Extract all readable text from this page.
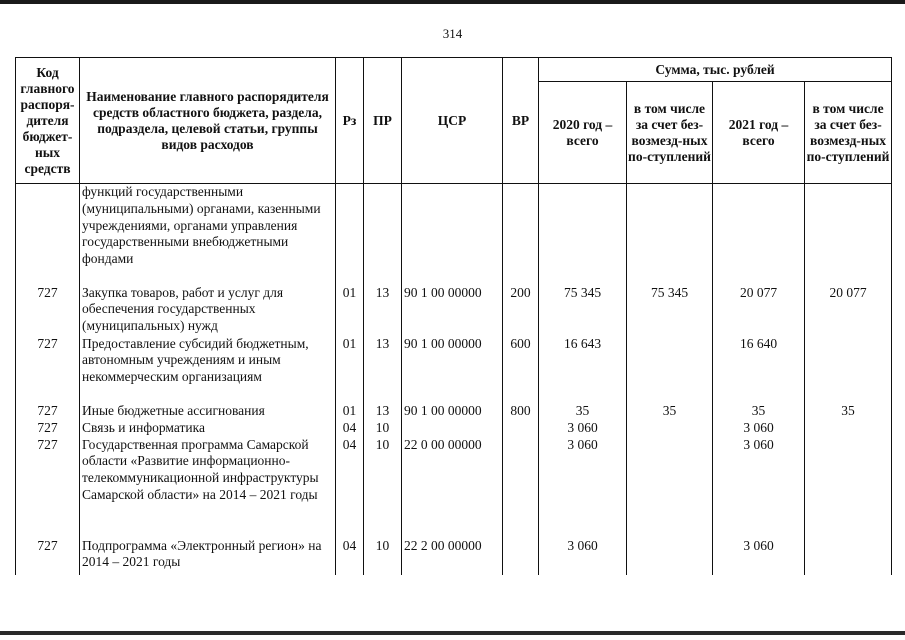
314
Код главного распоря-дителя бюджет-ных средств	Наименование главного распорядителя средств областного бюджета, раздела, подраздела, целевой статьи, группы видов расходов	Рз	ПР	ЦСР	ВР	Сумма, тыс. рублей			
						2020 год – всего	в том числе за счет без-возмезд-ных по-ступлений	2021 год – всего	в том числе за счет без-возмезд-ных по-ступлений
	функций государственными (муниципальными) органами, казенными учреждениями, органами управления государственными внебюджетными фондами								
727	Закупка товаров, работ и услуг для обеспечения государственных (муниципальных) нужд	01	13	90 1 00 00000	200	75 345	75 345	20 077	20 077
727	Предоставление субсидий бюджетным, автономным учреждениям и иным некоммерческим организациям	01	13	90 1 00 00000	600	16 643		16 640	
727	Иные бюджетные ассигнования	01	13	90 1 00 00000	800	35	35	35	35
727	Связь и информатика	04	10			3 060		3 060	
727	Государственная программа Самарской области «Развитие информационно-телекоммуникационной инфраструктуры Самарской области» на 2014 – 2021 годы	04	10	22 0 00 00000		3 060		3 060	
727	Подпрограмма «Электронный регион» на 2014 – 2021 годы	04	10	22 2 00 00000		3 060		3 060	
